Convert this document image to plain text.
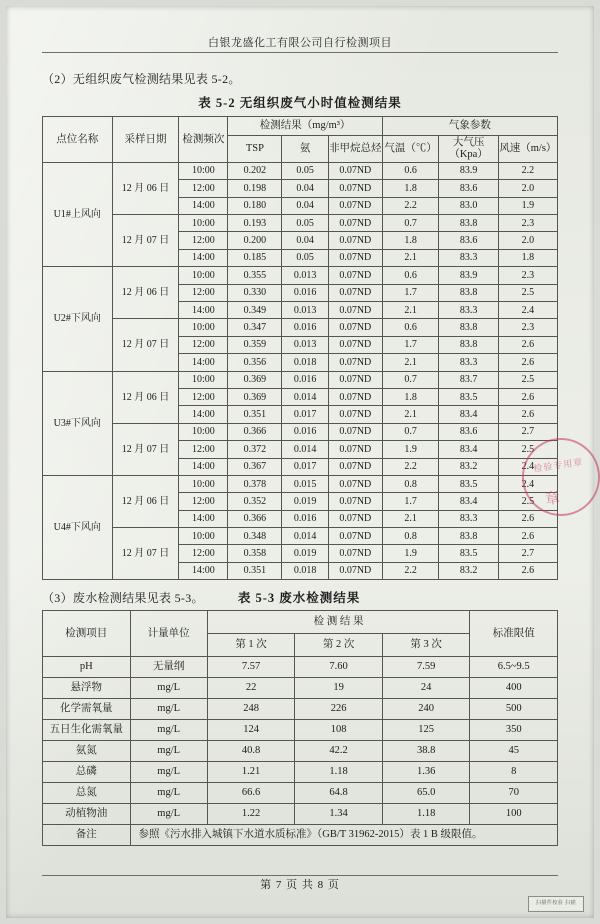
白银龙盛化工有限公司自行检测项目
（2）无组织废气检测结果见表 5-2。
表 5-2 无组织废气小时值检测结果
点位名称	采样日期	检测频次	检测结果（mg/m³）			气象参数		
			TSP	氨	非甲烷总烃	气温（℃）	大气压（Kpa）	风速（m/s）
U1#上风向	12 月 06 日	10:00	0.202	0.05	0.07ND	0.6	83.9	2.2
		12:00	0.198	0.04	0.07ND	1.8	83.6	2.0
		14:00	0.180	0.04	0.07ND	2.2	83.0	1.9
	12 月 07 日	10:00	0.193	0.05	0.07ND	0.7	83.8	2.3
		12:00	0.200	0.04	0.07ND	1.8	83.6	2.0
		14:00	0.185	0.05	0.07ND	2.1	83.3	1.8
U2#下风向	12 月 06 日	10:00	0.355	0.013	0.07ND	0.6	83.9	2.3
		12:00	0.330	0.016	0.07ND	1.7	83.8	2.5
		14:00	0.349	0.013	0.07ND	2.1	83.3	2.4
	12 月 07 日	10:00	0.347	0.016	0.07ND	0.6	83.8	2.3
		12:00	0.359	0.013	0.07ND	1.7	83.8	2.6
		14:00	0.356	0.018	0.07ND	2.1	83.3	2.6
U3#下风向	12 月 06 日	10:00	0.369	0.016	0.07ND	0.7	83.7	2.5
		12:00	0.369	0.014	0.07ND	1.8	83.5	2.6
		14:00	0.351	0.017	0.07ND	2.1	83.4	2.6
	12 月 07 日	10:00	0.366	0.016	0.07ND	0.7	83.6	2.7
		12:00	0.372	0.014	0.07ND	1.9	83.4	2.5
		14:00	0.367	0.017	0.07ND	2.2	83.2	2.4
U4#下风向	12 月 06 日	10:00	0.378	0.015	0.07ND	0.8	83.5	2.4
		12:00	0.352	0.019	0.07ND	1.7	83.4	2.5
		14:00	0.366	0.016	0.07ND	2.1	83.3	2.6
	12 月 07 日	10:00	0.348	0.014	0.07ND	0.8	83.8	2.6
		12:00	0.358	0.019	0.07ND	1.9	83.5	2.7
		14:00	0.351	0.018	0.07ND	2.2	83.2	2.6
（3）废水检测结果见表 5-3。	表 5-3 废水检测结果
检测项目	计量单位	检 测 结 果			标准限值
		第 1 次	第 2 次	第 3 次	
pH	无量纲	7.57	7.60	7.59	6.5~9.5
悬浮物	mg/L	22	19	24	400
化学需氧量	mg/L	248	226	240	500
五日生化需氧量	mg/L	124	108	125	350
氨氮	mg/L	40.8	42.2	38.8	45
总磷	mg/L	1.21	1.18	1.36	8
总氮	mg/L	66.6	64.8	65.0	70
动植物油	mg/L	1.22	1.34	1.18	100
备注	参照《污水排入城镇下水道水质标准》（GB/T 31962-2015）表 1 B 级限值。				
检验专用章
章
第 7 页 共 8 页
扫描件校验 扫描
